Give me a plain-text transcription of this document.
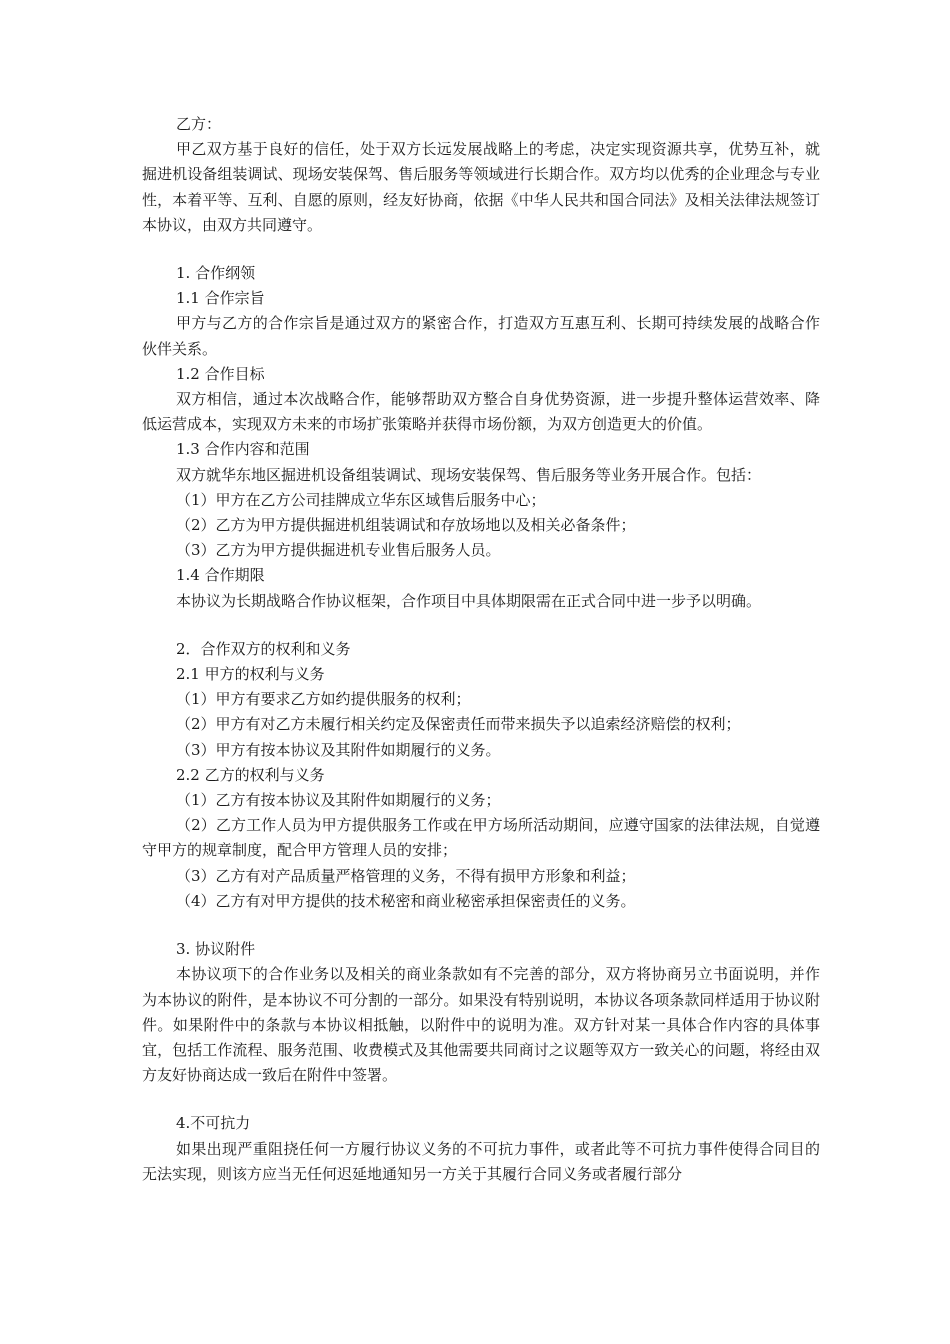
乙方：

甲乙双方基于良好的信任，处于双方长远发展战略上的考虑，决定实现资源共享，优势互补，就掘进机设备组装调试、现场安装保驾、售后服务等领域进行长期合作。双方均以优秀的企业理念与专业性，本着平等、互利、自愿的原则，经友好协商，依据《中华人民共和国合同法》及相关法律法规签订本协议，由双方共同遵守。

1. 合作纲领

1.1 合作宗旨

甲方与乙方的合作宗旨是通过双方的紧密合作，打造双方互惠互利、长期可持续发展的战略合作伙伴关系。

1.2 合作目标

双方相信，通过本次战略合作，能够帮助双方整合自身优势资源，进一步提升整体运营效率、降低运营成本，实现双方未来的市场扩张策略并获得市场份额，为双方创造更大的价值。

1.3 合作内容和范围

双方就华东地区掘进机设备组装调试、现场安装保驾、售后服务等业务开展合作。包括：

（1）甲方在乙方公司挂牌成立华东区域售后服务中心；

（2）乙方为甲方提供掘进机组装调试和存放场地以及相关必备条件；

（3）乙方为甲方提供掘进机专业售后服务人员。

1.4 合作期限

本协议为长期战略合作协议框架，合作项目中具体期限需在正式合同中进一步予以明确。

2．合作双方的权利和义务

2.1 甲方的权利与义务

（1）甲方有要求乙方如约提供服务的权利；

（2）甲方有对乙方未履行相关约定及保密责任而带来损失予以追索经济赔偿的权利；

（3）甲方有按本协议及其附件如期履行的义务。

2.2 乙方的权利与义务

（1）乙方有按本协议及其附件如期履行的义务；

（2）乙方工作人员为甲方提供服务工作或在甲方场所活动期间，应遵守国家的法律法规，自觉遵守甲方的规章制度，配合甲方管理人员的安排；

（3）乙方有对产品质量严格管理的义务，不得有损甲方形象和利益；

（4）乙方有对甲方提供的技术秘密和商业秘密承担保密责任的义务。

3. 协议附件

本协议项下的合作业务以及相关的商业条款如有不完善的部分，双方将协商另立书面说明，并作为本协议的附件，是本协议不可分割的一部分。如果没有特别说明，本协议各项条款同样适用于协议附件。如果附件中的条款与本协议相抵触，以附件中的说明为准。双方针对某一具体合作内容的具体事宜，包括工作流程、服务范围、收费模式及其他需要共同商讨之议题等双方一致关心的问题，将经由双方友好协商达成一致后在附件中签署。

4.不可抗力

如果出现严重阻挠任何一方履行协议义务的不可抗力事件，或者此等不可抗力事件使得合同目的无法实现，则该方应当无任何迟延地通知另一方关于其履行合同义务或者履行部分
